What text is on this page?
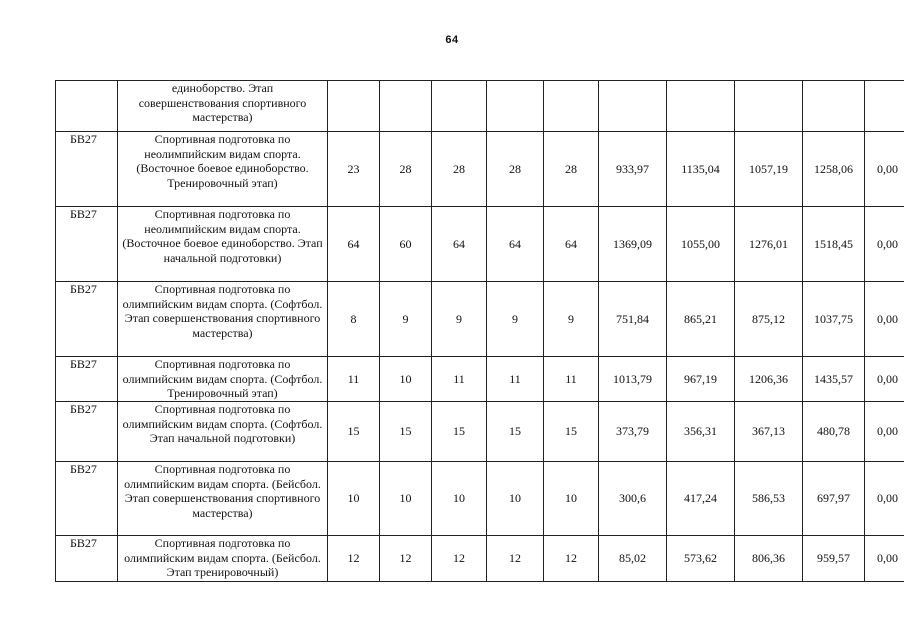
64
	единоборство. Этап совершенствования спортивного мастерства)										
БВ27	Спортивная подготовка по неолимпийским видам спорта. (Восточное боевое единоборство. Тренировочный этап)	23	28	28	28	28	933,97	1135,04	1057,19	1258,06	0,00
БВ27	Спортивная подготовка по неолимпийским видам спорта. (Восточное боевое единоборство. Этап начальной подготовки)	64	60	64	64	64	1369,09	1055,00	1276,01	1518,45	0,00
БВ27	Спортивная подготовка по олимпийским видам спорта. (Софтбол. Этап совершенствования спортивного мастерства)	8	9	9	9	9	751,84	865,21	875,12	1037,75	0,00
БВ27	Спортивная подготовка по олимпийским видам спорта. (Софтбол. Тренировочный этап)	11	10	11	11	11	1013,79	967,19	1206,36	1435,57	0,00
БВ27	Спортивная подготовка по олимпийским видам спорта. (Софтбол. Этап начальной подготовки)	15	15	15	15	15	373,79	356,31	367,13	480,78	0,00
БВ27	Спортивная подготовка по олимпийским видам спорта. (Бейсбол. Этап совершенствования спортивного мастерства)	10	10	10	10	10	300,6	417,24	586,53	697,97	0,00
БВ27	Спортивная подготовка по олимпийским видам спорта. (Бейсбол. Этап тренировочный)	12	12	12	12	12	85,02	573,62	806,36	959,57	0,00
